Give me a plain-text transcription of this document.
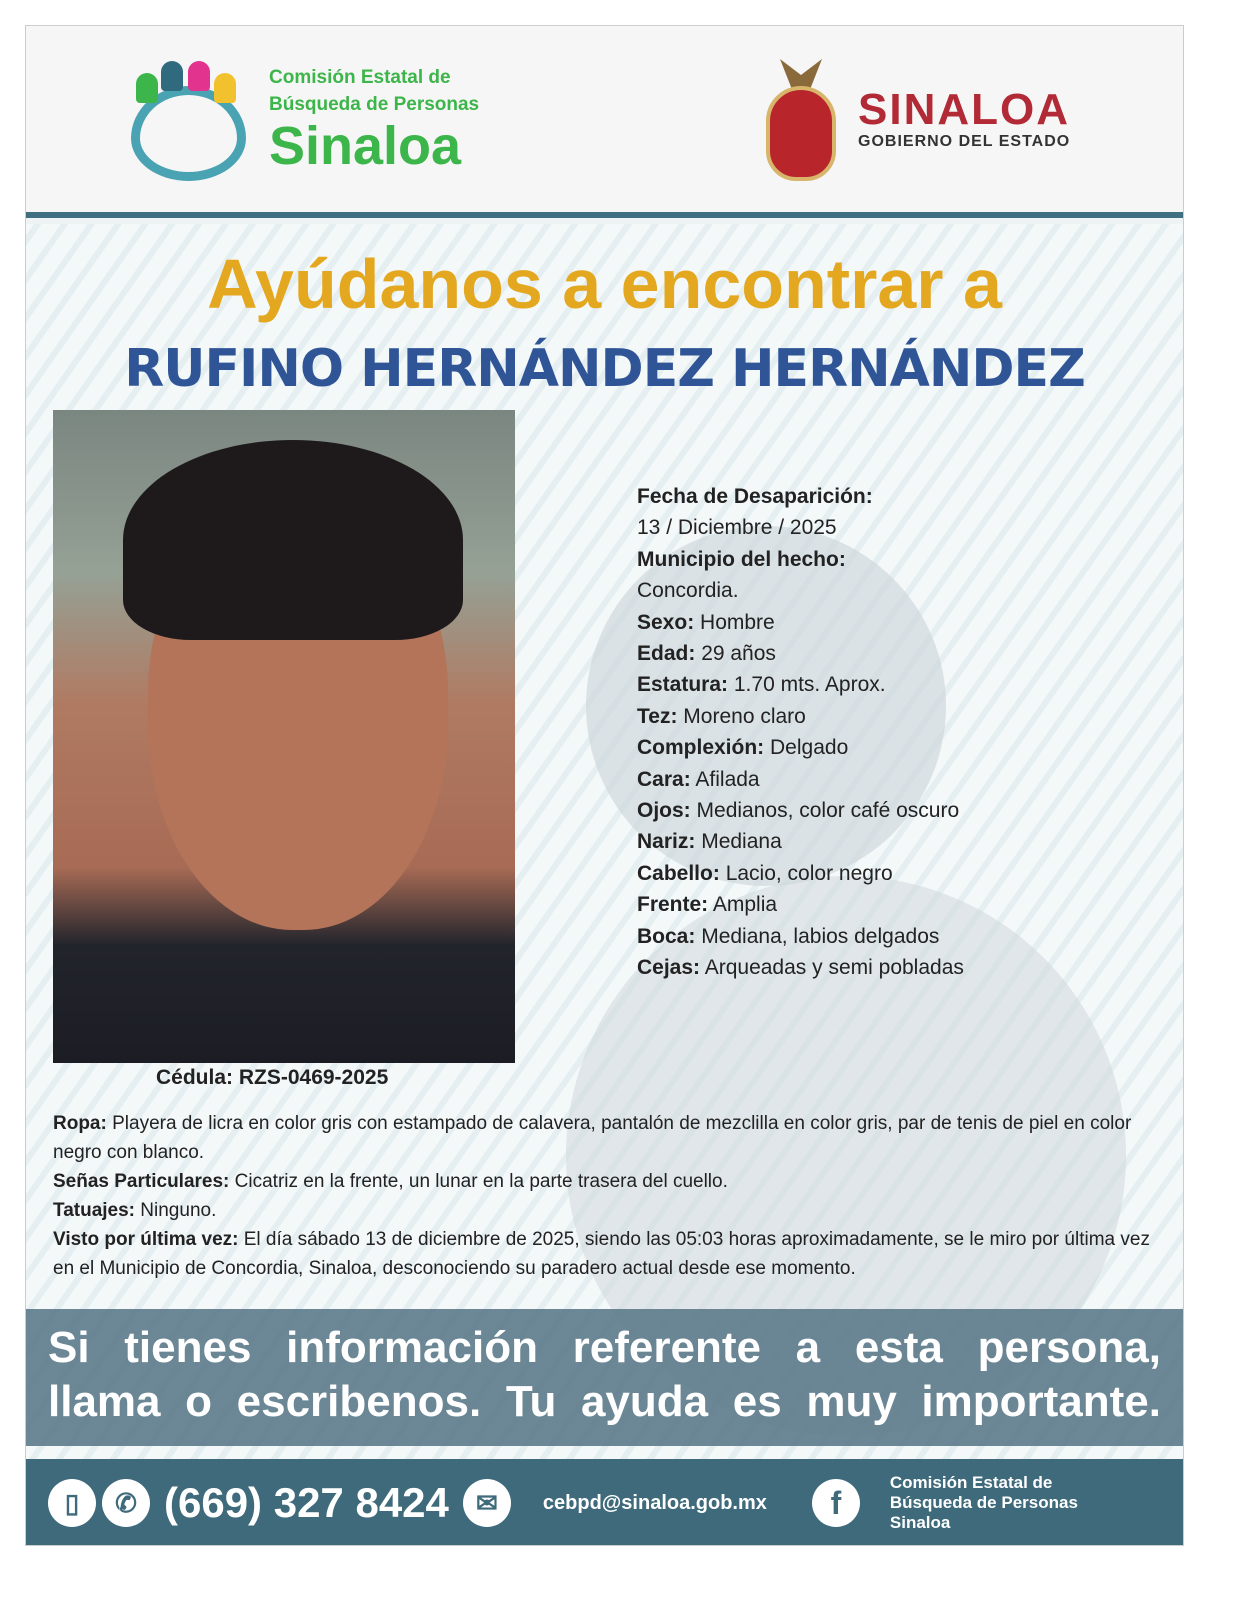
Comisión Estatal de
Búsqueda de Personas
Sinaloa
SINALOA
GOBIERNO DEL ESTADO
Ayúdanos a encontrar a
RUFINO HERNÁNDEZ HERNÁNDEZ
Cédula: RZS-0469-2025
Fecha de Desaparición:
13 / Diciembre / 2025
Municipio del hecho:
Concordia.
Sexo: Hombre
Edad: 29 años
Estatura: 1.70 mts. Aprox.
Tez: Moreno claro
Complexión: Delgado
Cara: Afilada
Ojos: Medianos, color café oscuro
Nariz: Mediana
Cabello: Lacio, color negro
Frente: Amplia
Boca: Mediana, labios delgados
Cejas: Arqueadas y semi pobladas
Ropa: Playera de licra en color gris con estampado de calavera, pantalón de mezclilla en color gris, par de tenis de piel en color negro con blanco.
Señas Particulares: Cicatriz en la frente, un lunar en la parte trasera del cuello.
Tatuajes: Ninguno.
Visto por última vez: El día sábado 13 de diciembre de 2025, siendo las 05:03 horas aproximadamente, se le miro por última vez en el Municipio de Concordia, Sinaloa, desconociendo su paradero actual desde ese momento.
Si tienes información referente a esta persona,
llama o escribenos. Tu ayuda es muy importante.
▯	✆ (669) 327 8424	✉	cebpd@sinaloa.gob.mx	f
Comisión Estatal de
Búsqueda de Personas
Sinaloa
